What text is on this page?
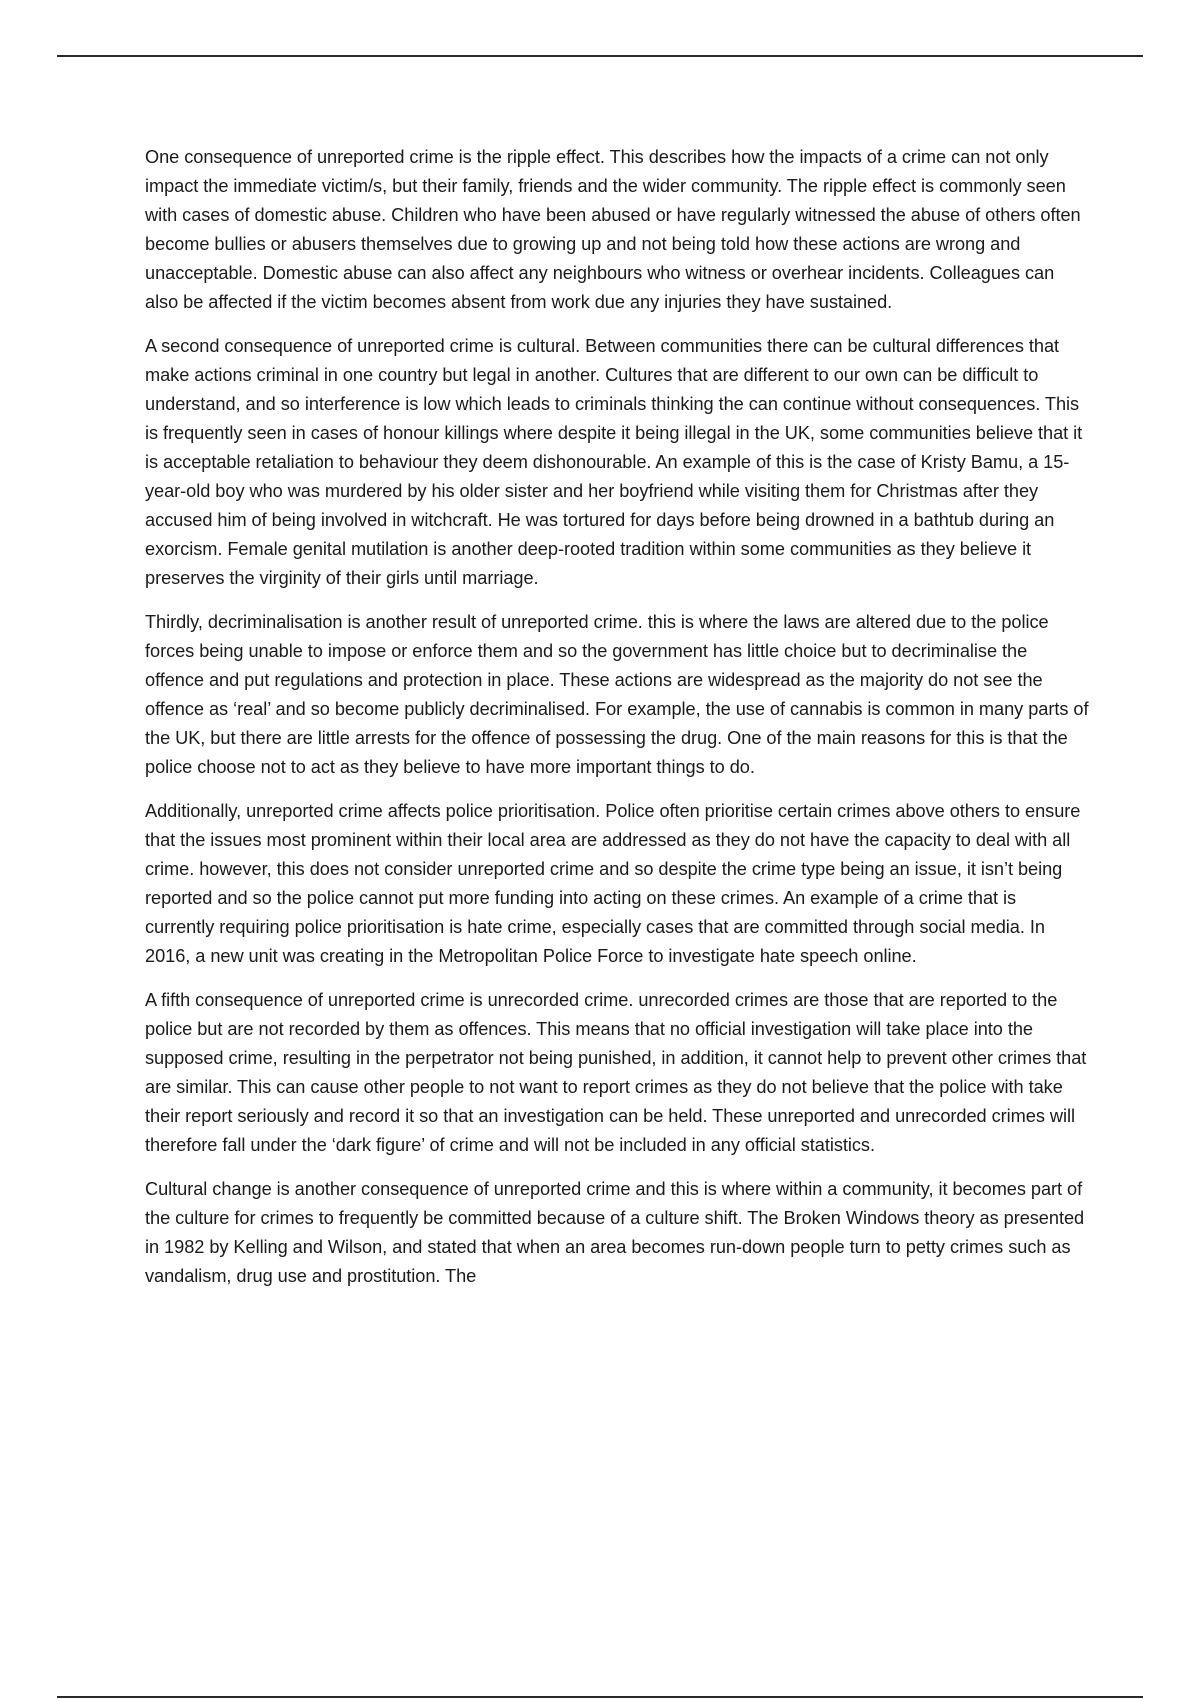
One consequence of unreported crime is the ripple effect. This describes how the impacts of a crime can not only impact the immediate victim/s, but their family, friends and the wider community. The ripple effect is commonly seen with cases of domestic abuse. Children who have been abused or have regularly witnessed the abuse of others often become bullies or abusers themselves due to growing up and not being told how these actions are wrong and unacceptable. Domestic abuse can also affect any neighbours who witness or overhear incidents. Colleagues can also be affected if the victim becomes absent from work due any injuries they have sustained.

A second consequence of unreported crime is cultural. Between communities there can be cultural differences that make actions criminal in one country but legal in another. Cultures that are different to our own can be difficult to understand, and so interference is low which leads to criminals thinking the can continue without consequences. This is frequently seen in cases of honour killings where despite it being illegal in the UK, some communities believe that it is acceptable retaliation to behaviour they deem dishonourable. An example of this is the case of Kristy Bamu, a 15-year-old boy who was murdered by his older sister and her boyfriend while visiting them for Christmas after they accused him of being involved in witchcraft. He was tortured for days before being drowned in a bathtub during an exorcism. Female genital mutilation is another deep-rooted tradition within some communities as they believe it preserves the virginity of their girls until marriage.

Thirdly, decriminalisation is another result of unreported crime. this is where the laws are altered due to the police forces being unable to impose or enforce them and so the government has little choice but to decriminalise the offence and put regulations and protection in place. These actions are widespread as the majority do not see the offence as ‘real’ and so become publicly decriminalised. For example, the use of cannabis is common in many parts of the UK, but there are little arrests for the offence of possessing the drug. One of the main reasons for this is that the police choose not to act as they believe to have more important things to do.

Additionally, unreported crime affects police prioritisation. Police often prioritise certain crimes above others to ensure that the issues most prominent within their local area are addressed as they do not have the capacity to deal with all crime. however, this does not consider unreported crime and so despite the crime type being an issue, it isn’t being reported and so the police cannot put more funding into acting on these crimes. An example of a crime that is currently requiring police prioritisation is hate crime, especially cases that are committed through social media. In 2016, a new unit was creating in the Metropolitan Police Force to investigate hate speech online.

A fifth consequence of unreported crime is unrecorded crime. unrecorded crimes are those that are reported to the police but are not recorded by them as offences. This means that no official investigation will take place into the supposed crime, resulting in the perpetrator not being punished, in addition, it cannot help to prevent other crimes that are similar. This can cause other people to not want to report crimes as they do not believe that the police with take their report seriously and record it so that an investigation can be held. These unreported and unrecorded crimes will therefore fall under the ‘dark figure’ of crime and will not be included in any official statistics.

Cultural change is another consequence of unreported crime and this is where within a community, it becomes part of the culture for crimes to frequently be committed because of a culture shift. The Broken Windows theory as presented in 1982 by Kelling and Wilson, and stated that when an area becomes run-down people turn to petty crimes such as vandalism, drug use and prostitution. The
